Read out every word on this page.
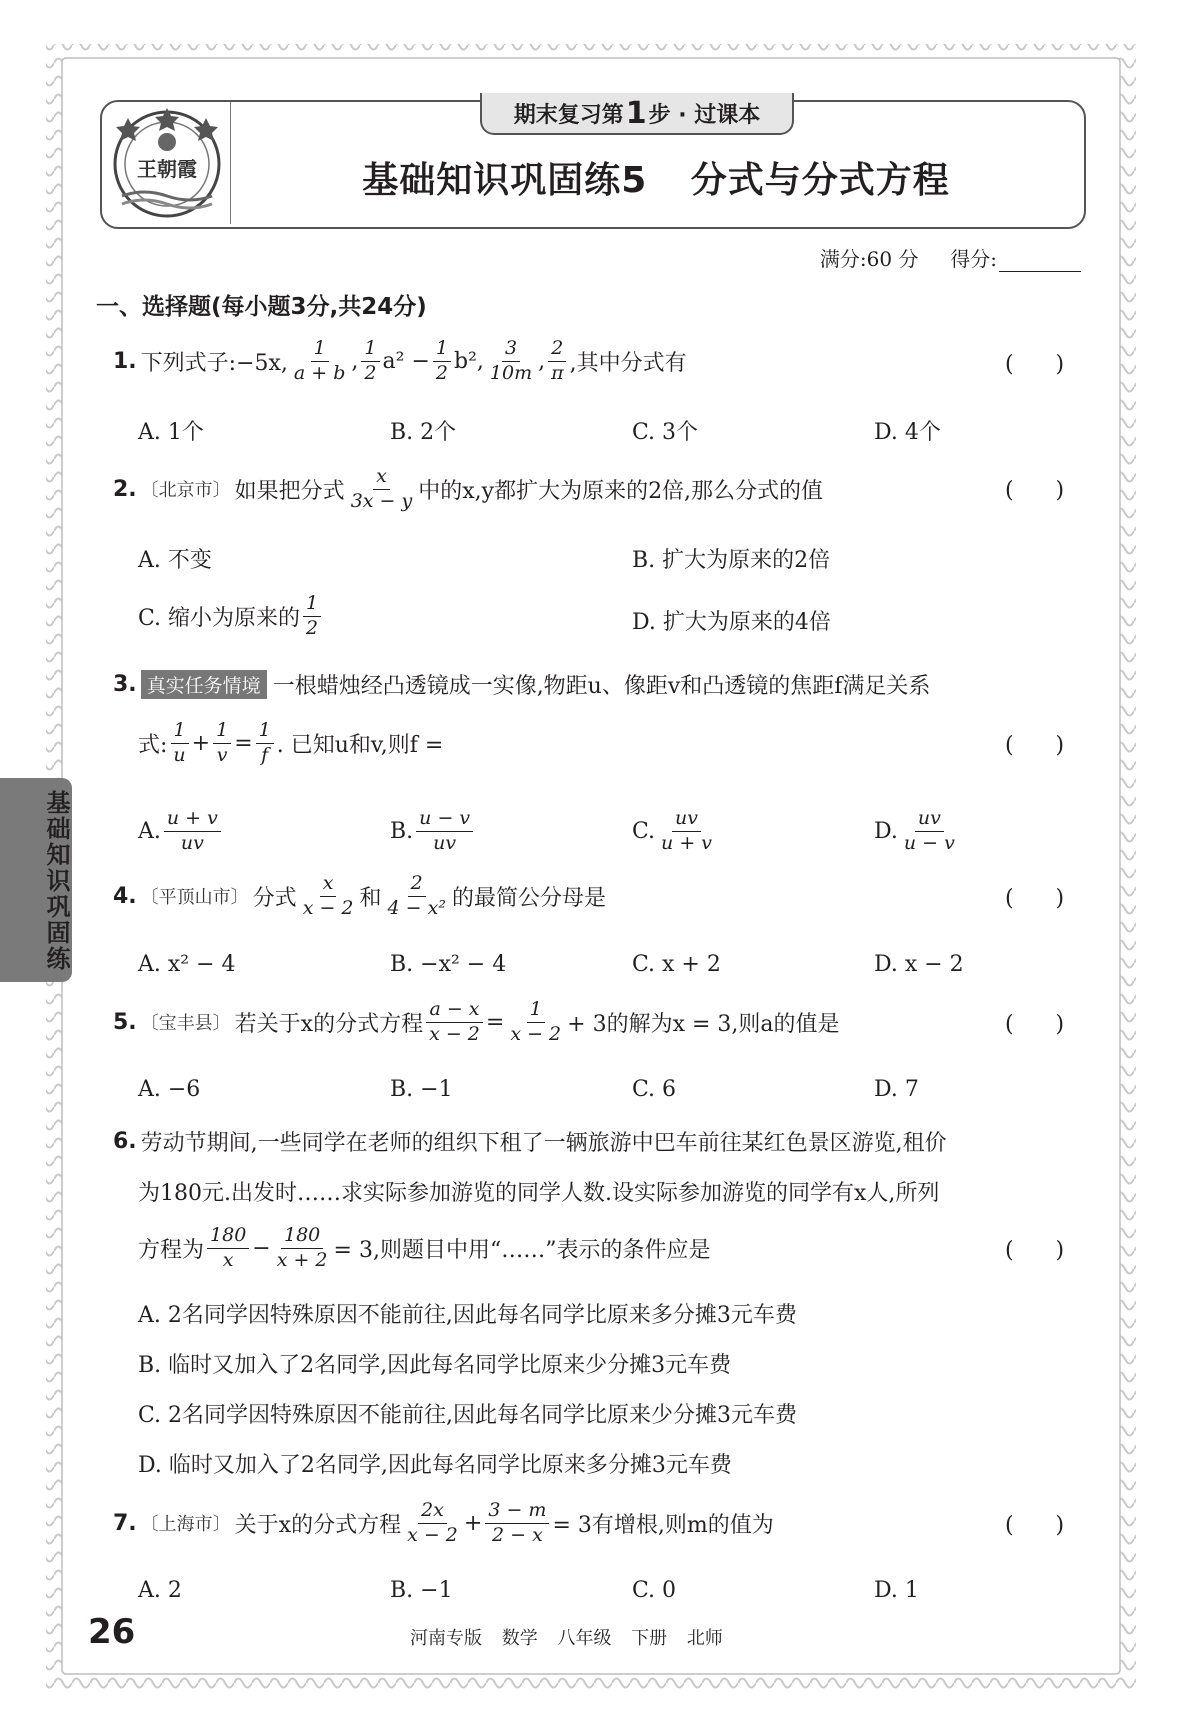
王朝霞
期末复习第 1 步 · 过课本
基础知识巩固练5 分式与分式方程
满分:60 分 得分:
一、选择题(每小题3分,共24分)
1. 下列式子:−5x, $\frac{1}{a + b}$ , $\frac{1}{2} a^2 - \frac{1}{2} b^2$, $\frac{3}{10m}$ , $\frac{2}{\pi}$ ,其中分式有	(      )
A. 1个	B. 2个	C. 3个	D. 4个
2. 〔北京市〕 如果把分式 $\frac{x}{3x - y}$ 中的x,y都扩大为原来的2倍,那么分式的值	(      )
A. 不变	B. 扩大为原来的2倍
C. 缩小为原来的 $\frac{1}{2}$	D. 扩大为原来的4倍
3. 真实任务情境 一根蜡烛经凸透镜成一实像,物距u、像距v和凸透镜的焦距f满足关系
式: $\frac{1}{u} + \frac{1}{v} = \frac{1}{f}$ . 已知u和v,则f =	(      )
A. $\frac{u + v}{uv}$	B. $\frac{u - v}{uv}$	C. $\frac{uv}{u + v}$	D. $\frac{uv}{u - v}$
4. 〔平顶山市〕 分式 $\frac{x}{x - 2}$ 和 $\frac{2}{\text{4 − x²}}$ 的最简公分母是	(      )
A. x² − 4	B. −x² − 4	C. x + 2	D. x − 2
5. 〔宝丰县〕 若关于x的分式方程 $\frac{a - x}{x - 2} = \frac{1}{x - 2} + 3$的解为x = 3,则a的值是	(      )
A. −6	B. −1	C. 6	D. 7
6. 劳动节期间,一些同学在老师的组织下租了一辆旅游中巴车前往某红色景区游览,租价
为180元.出发时……求实际参加游览的同学人数.设实际参加游览的同学有x人,所列
方程为 $\frac{180}{x} - \frac{180}{x + 2} = 3$,则题目中用“……”表示的条件应是	(      )
A. 2名同学因特殊原因不能前往,因此每名同学比原来多分摊3元车费
B. 临时又加入了2名同学,因此每名同学比原来少分摊3元车费
C. 2名同学因特殊原因不能前往,因此每名同学比原来少分摊3元车费
D. 临时又加入了2名同学,因此每名同学比原来多分摊3元车费
7. 〔上海市〕 关于x的分式方程 $\frac{2x}{x - 2} + \frac{3 - m}{2 - x} = 3$有增根,则m的值为	(      )
A. 2	B. −1	C. 0	D. 1
基础知识巩固练
26	河南专版 数学 八年级 下册 北师
